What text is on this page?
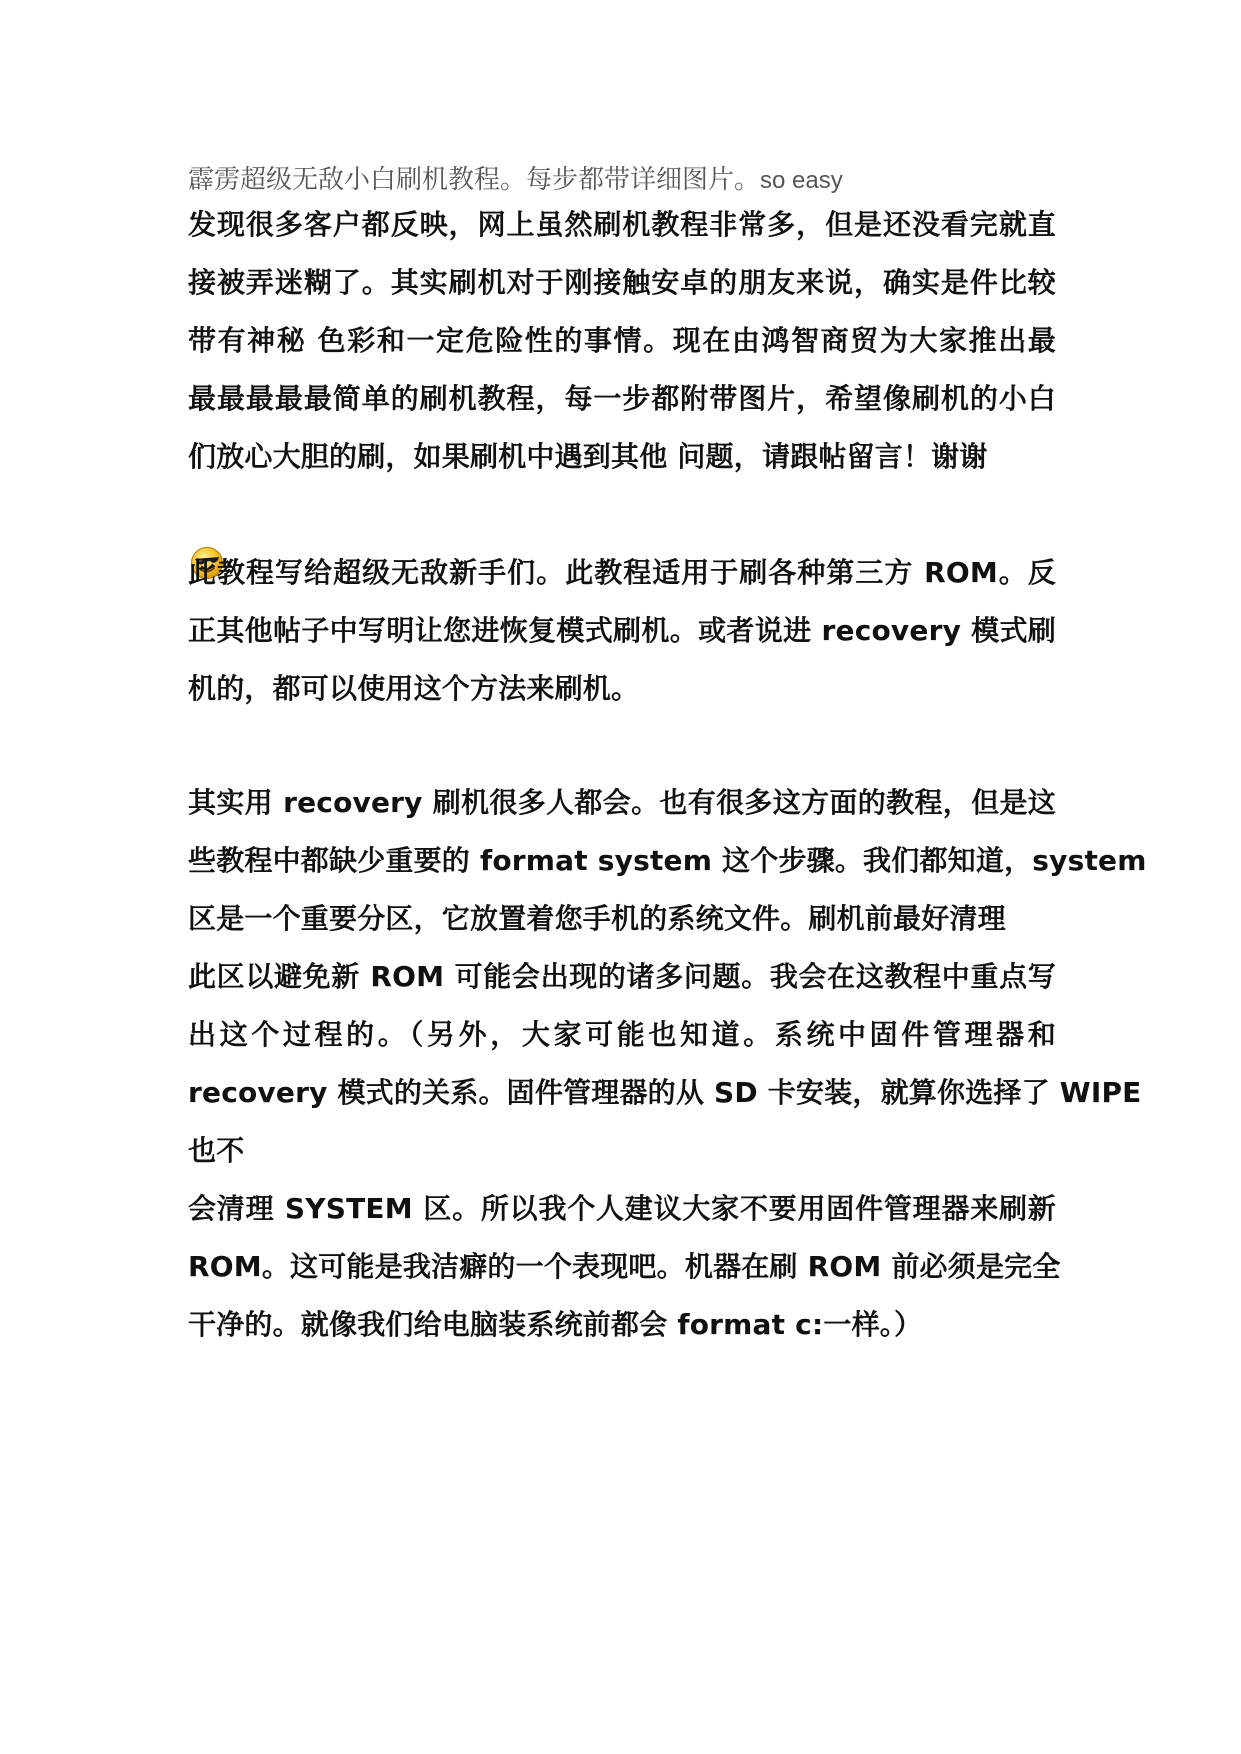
霹雳超级无敌小白刷机教程。每步都带详细图片。so easy
发现很多客户都反映，网上虽然刷机教程非常多，但是还没看完就直
接被弄迷糊了。其实刷机对于刚接触安卓的朋友来说，确实是件比较
带有神秘 色彩和一定危险性的事情。现在由鸿智商贸为大家推出最
最最最最最简单的刷机教程，每一步都附带图片，希望像刷机的小白
们放心大胆的刷，如果刷机中遇到其他 问题，请跟帖留言！谢谢
此教程写给超级无敌新手们。此教程适用于刷各种第三方 ROM。反
正其他帖子中写明让您进恢复模式刷机。或者说进 recovery 模式刷
机的，都可以使用这个方法来刷机。
其实用 recovery 刷机很多人都会。也有很多这方面的教程，但是这
些教程中都缺少重要的 format system 这个步骤。我们都知道，system
区是一个重要分区，它放置着您手机的系统文件。刷机前最好清理
此区以避免新 ROM 可能会出现的诸多问题。我会在这教程中重点写
出这个过程的。（另外，大家可能也知道。系统中固件管理器和
recovery 模式的关系。固件管理器的从 SD 卡安装，就算你选择了 WIPE
也不
会清理 SYSTEM 区。所以我个人建议大家不要用固件管理器来刷新
ROM。这可能是我洁癖的一个表现吧。机器在刷 ROM 前必须是完全
干净的。就像我们给电脑装系统前都会 format c:一样。）
